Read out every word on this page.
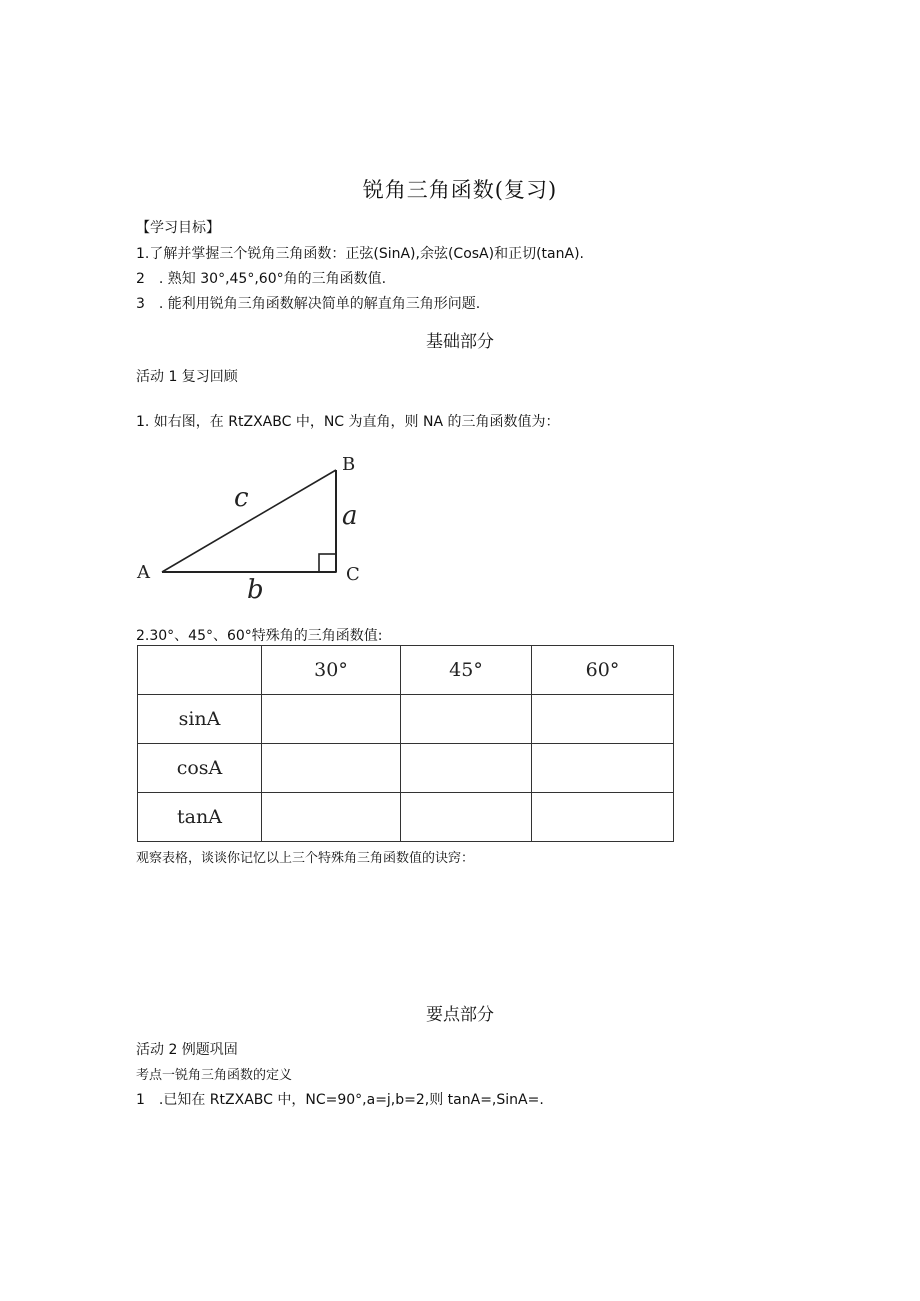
锐角三角函数(复习)
【学习目标】
1.了解并掌握三个锐角三角函数：正弦(SinA),余弦(CosA)和正切(tanA).
2　. 熟知 30°,45°,60°角的三角函数值.
3　. 能利用锐角三角函数解决简单的解直角三角形问题.
基础部分
活动 1 复习回顾
1. 如右图，在 RtZXABC 中，NC 为直角，则 NA 的三角函数值为：
A
B
C
a
b
c
2.30°、45°、60°特殊角的三角函数值:
	30°	45°	60°
sinA			
cosA			
tanA			
观察表格，谈谈你记忆以上三个特殊角三角函数值的诀窍：
要点部分
活动 2 例题巩固
考点一锐角三角函数的定义
1　.已知在 RtZXABC 中，NC=90°,a=j,b=2,则 tanA=,SinA=.
